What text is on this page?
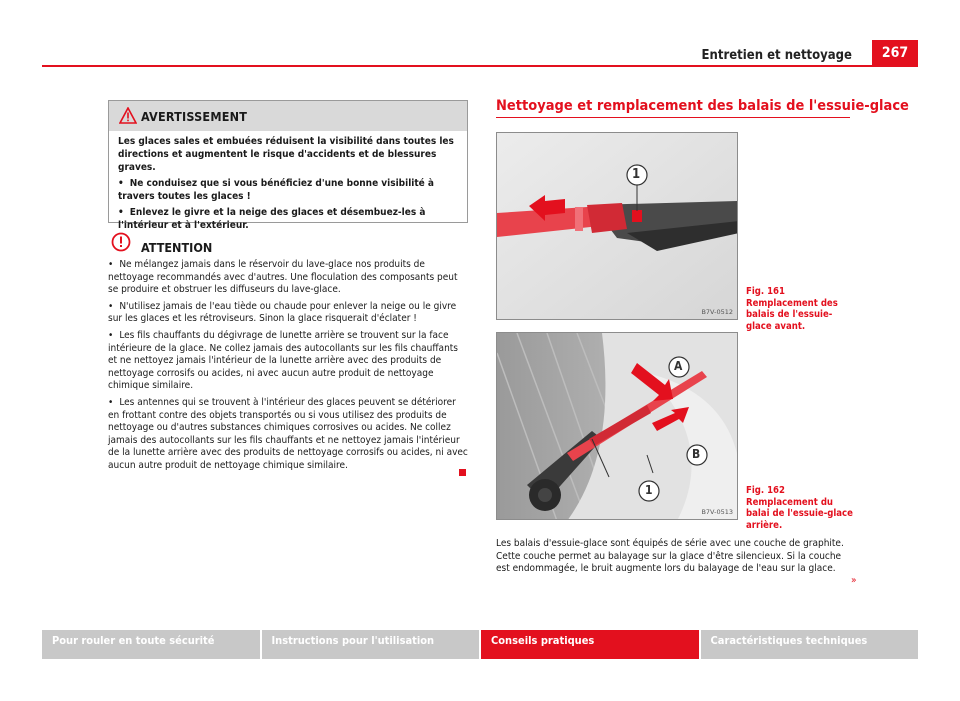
Entretien et nettoyage	267
AVERTISSEMENT

Les glaces sales et embuées réduisent la visibilité dans toutes les directions et augmentent le risque d'accidents et de blessures graves.

• Ne conduisez que si vous bénéficiez d'une bonne visibilité à travers toutes les glaces !

• Enlevez le givre et la neige des glaces et désembuez-les à l'intérieur et à l'extérieur.

ATTENTION

• Ne mélangez jamais dans le réservoir du lave-glace nos produits de nettoyage recommandés avec d'autres. Une floculation des composants peut se produire et obstruer les diffuseurs du lave-glace.

• N'utilisez jamais de l'eau tiède ou chaude pour enlever la neige ou le givre sur les glaces et les rétroviseurs. Sinon la glace risquerait d'éclater !

• Les fils chauffants du dégivrage de lunette arrière se trouvent sur la face intérieure de la glace. Ne collez jamais des autocollants sur les fils chauffants et ne nettoyez jamais l'intérieur de la lunette arrière avec des produits de nettoyage corrosifs ou acides, ni avec aucun autre produit de nettoyage chimique similaire.

• Les antennes qui se trouvent à l'intérieur des glaces peuvent se détériorer en frottant contre des objets transportés ou si vous utilisez des produits de nettoyage ou d'autres substances chimiques corrosives ou acides. Ne collez jamais des autocollants sur les fils chauffants et ne nettoyez jamais l'intérieur de la lunette arrière avec des produits de nettoyage corrosifs ou acides, ni avec aucun autre produit de nettoyage chimique similaire.

Nettoyage et remplacement des balais de l'essuie-glace
1
B7V-0512
Fig. 161 Remplacement des balais de l'essuie-glace avant.
A
B
1
B7V-0513
Fig. 162 Remplacement du balai de l'essuie-glace arrière.
Les balais d'essuie-glace sont équipés de série avec une couche de graphite. Cette couche permet au balayage sur la glace d'être silencieux. Si la couche est endommagée, le bruit augmente lors du balayage de l'eau sur la glace.
»
Pour rouler en toute sécurité	Instructions pour l'utilisation	Conseils pratiques	Caractéristiques techniques
